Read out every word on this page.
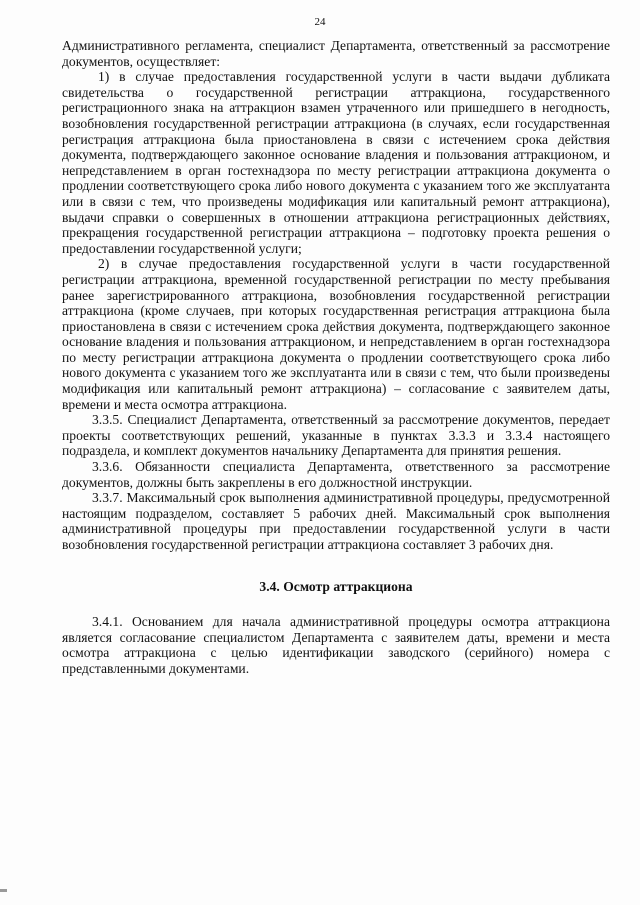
24

Административного регламента, специалист Департамента, ответственный за рассмотрение документов, осуществляет:

1) в случае предоставления государственной услуги в части выдачи дубликата свидетельства о государственной регистрации аттракциона, государственного регистрационного знака на аттракцион взамен утраченного или пришедшего в негодность, возобновления государственной регистрации аттракциона (в случаях, если государственная регистрация аттракциона была приостановлена в связи с истечением срока действия документа, подтверждающего законное основание владения и пользования аттракционом, и непредставлением в орган гостехнадзора по месту регистрации аттракциона документа о продлении соответствующего срока либо нового документа с указанием того же эксплуатанта или в связи с тем, что произведены модификация или капитальный ремонт аттракциона), выдачи справки о совершенных в отношении аттракциона регистрационных действиях, прекращения государственной регистрации аттракциона – подготовку проекта решения о предоставлении государственной услуги;

2) в случае предоставления государственной услуги в части государственной регистрации аттракциона, временной государственной регистрации по месту пребывания ранее зарегистрированного аттракциона, возобновления государственной регистрации аттракциона (кроме случаев, при которых государственная регистрация аттракциона была приостановлена в связи с истечением срока действия документа, подтверждающего законное основание владения и пользования аттракционом, и непредставлением в орган гостехнадзора по месту регистрации аттракциона документа о продлении соответствующего срока либо нового документа с указанием того же эксплуатанта или в связи с тем, что были произведены модификация или капитальный ремонт аттракциона) – согласование с заявителем даты, времени и места осмотра аттракциона.

3.3.5. Специалист Департамента, ответственный за рассмотрение документов, передает проекты соответствующих решений, указанные в пунктах 3.3.3 и 3.3.4 настоящего подраздела, и комплект документов начальнику Департамента для принятия решения.

3.3.6. Обязанности специалиста Департамента, ответственного за рассмотрение документов, должны быть закреплены в его должностной инструкции.

3.3.7. Максимальный срок выполнения административной процедуры, предусмотренной настоящим подразделом, составляет 5 рабочих дней. Максимальный срок выполнения административной процедуры при предоставлении государственной услуги в части возобновления государственной регистрации аттракциона составляет 3 рабочих дня.

3.4. Осмотр аттракциона

3.4.1. Основанием для начала административной процедуры осмотра аттракциона является согласование специалистом Департамента с заявителем даты, времени и места осмотра аттракциона с целью идентификации заводского (серийного) номера с представленными документами.
